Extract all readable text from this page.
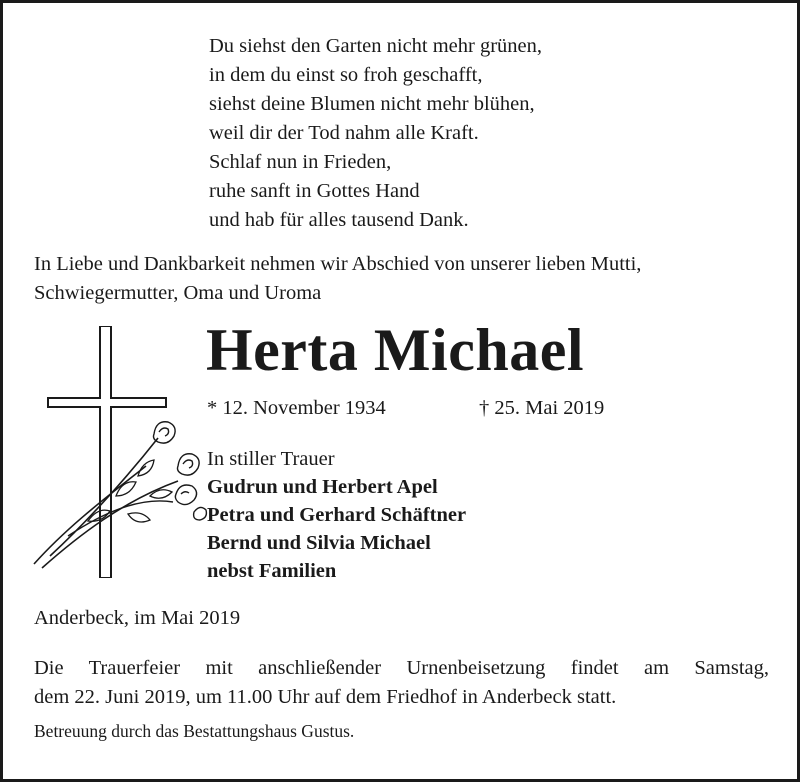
Du siehst den Garten nicht mehr grünen,
in dem du einst so froh geschafft,
siehst deine Blumen nicht mehr blühen,
weil dir der Tod nahm alle Kraft.
Schlaf nun in Frieden,
ruhe sanft in Gottes Hand
und hab für alles tausend Dank.
In Liebe und Dankbarkeit nehmen wir Abschied von unserer lieben Mutti, Schwiegermutter, Oma und Uroma
Herta Michael
* 12. November 1934	† 25. Mai 2019
In stiller Trauer
Gudrun und Herbert Apel
Petra und Gerhard Schäftner
Bernd und Silvia Michael
nebst Familien
Anderbeck, im Mai 2019
Die Trauerfeier mit anschließender Urnenbeisetzung findet am Samstag,
dem 22. Juni 2019, um 11.00 Uhr auf dem Friedhof in Anderbeck statt.
Betreuung durch das Bestattungshaus Gustus.
